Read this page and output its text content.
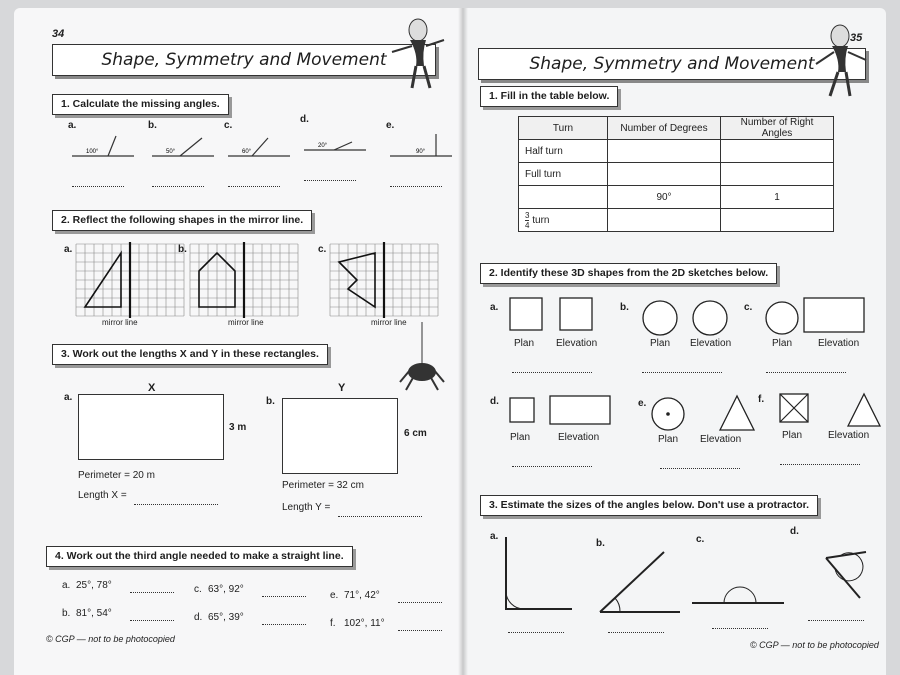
34
Shape, Symmetry and Movement
1. Calculate the missing angles.
a.
100°
b.
50°
c.
60°
d.
20°
e.
90°
2. Reflect the following shapes in the mirror line.
a.	b.	c.
mirror line	mirror line	mirror line
3. Work out the lengths X and Y in these rectangles.
a.
X
3 m
Perimeter = 20 m
Length X =
b.
Y
6 cm
Perimeter = 32 cm
Length Y =
4. Work out the third angle needed to make a straight line.
a. 25°, 78°
b. 81°, 54°
c. 63°, 92°
d. 65°, 39°
e. 71°, 42°
f. 102°, 11°
© CGP — not to be photocopied
35
Shape, Symmetry and Movement
1. Fill in the table below.
Turn	Number of Degrees	Number of Right Angles
Half turn		
Full turn		
	90°	1

$\frac{3}{4}$ turn		
2. Identify these 3D shapes from the 2D sketches below.
a.
Plan Elevation
b.
Plan Elevation
c.
Plan	Elevation
d.
Plan	Elevation
e.
Plan Elevation
f.
Plan	Elevation
3. Estimate the sizes of the angles below. Don't use a protractor.
a.
b.	c.
d.
© CGP — not to be photocopied
